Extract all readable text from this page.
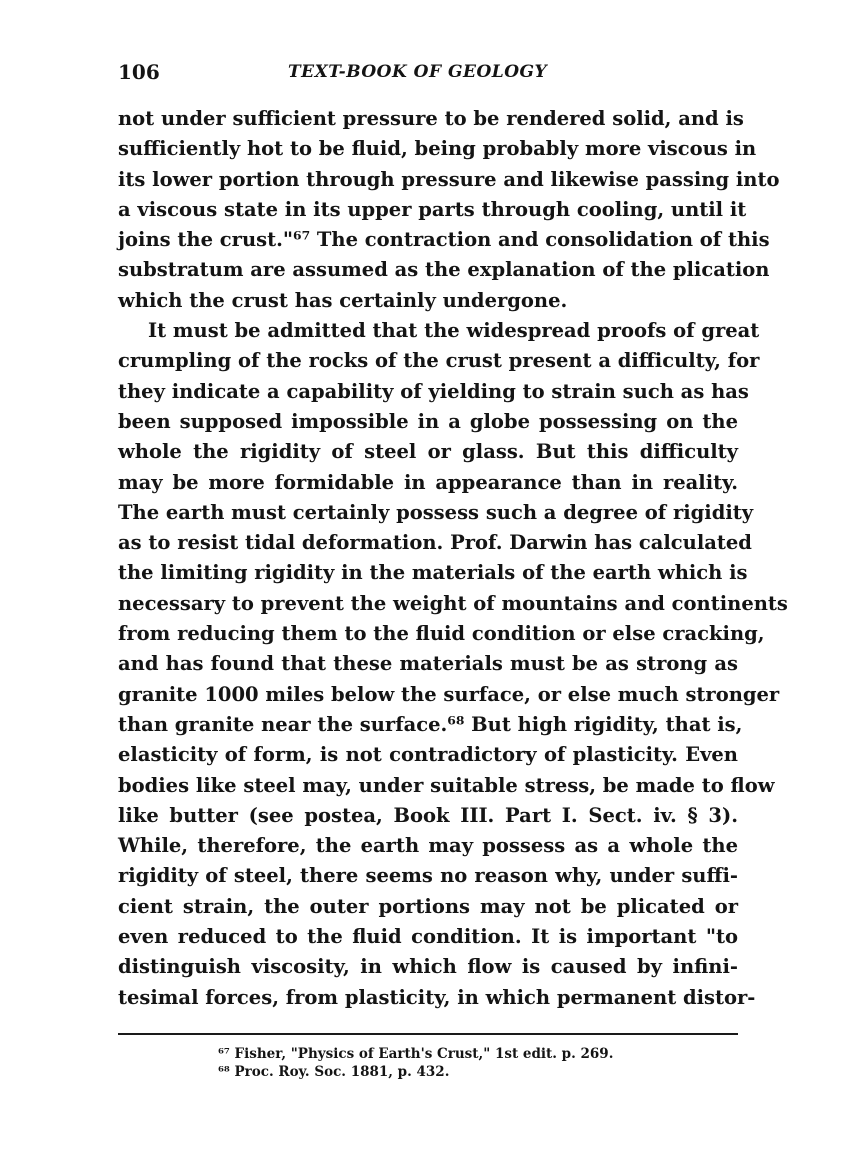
106	TEXT-BOOK OF GEOLOGY
not under sufficient pressure to be rendered solid, and is
sufficiently hot to be fluid, being probably more viscous in
its lower portion through pressure and likewise passing into
a viscous state in its upper parts through cooling, until it
joins the crust."⁶⁷ The contraction and consolidation of this
substratum are assumed as the explanation of the plication
which the crust has certainly undergone.
It must be admitted that the widespread proofs of great
crumpling of the rocks of the crust present a difficulty, for
they indicate a capability of yielding to strain such as has
been supposed impossible in a globe possessing on the
whole the rigidity of steel or glass. But this difficulty
may be more formidable in appearance than in reality.
The earth must certainly possess such a degree of rigidity
as to resist tidal deformation. Prof. Darwin has calculated
the limiting rigidity in the materials of the earth which is
necessary to prevent the weight of mountains and continents
from reducing them to the fluid condition or else cracking,
and has found that these materials must be as strong as
granite 1000 miles below the surface, or else much stronger
than granite near the surface.⁶⁸ But high rigidity, that is,
elasticity of form, is not contradictory of plasticity. Even
bodies like steel may, under suitable stress, be made to flow
like butter (see postea, Book III. Part I. Sect. iv. § 3).
While, therefore, the earth may possess as a whole the
rigidity of steel, there seems no reason why, under suffi-
cient strain, the outer portions may not be plicated or
even reduced to the fluid condition. It is important "to
distinguish viscosity, in which flow is caused by infini-
tesimal forces, from plasticity, in which permanent distor-
⁶⁷ Fisher, "Physics of Earth's Crust," 1st edit. p. 269.
⁶⁸ Proc. Roy. Soc. 1881, p. 432.
